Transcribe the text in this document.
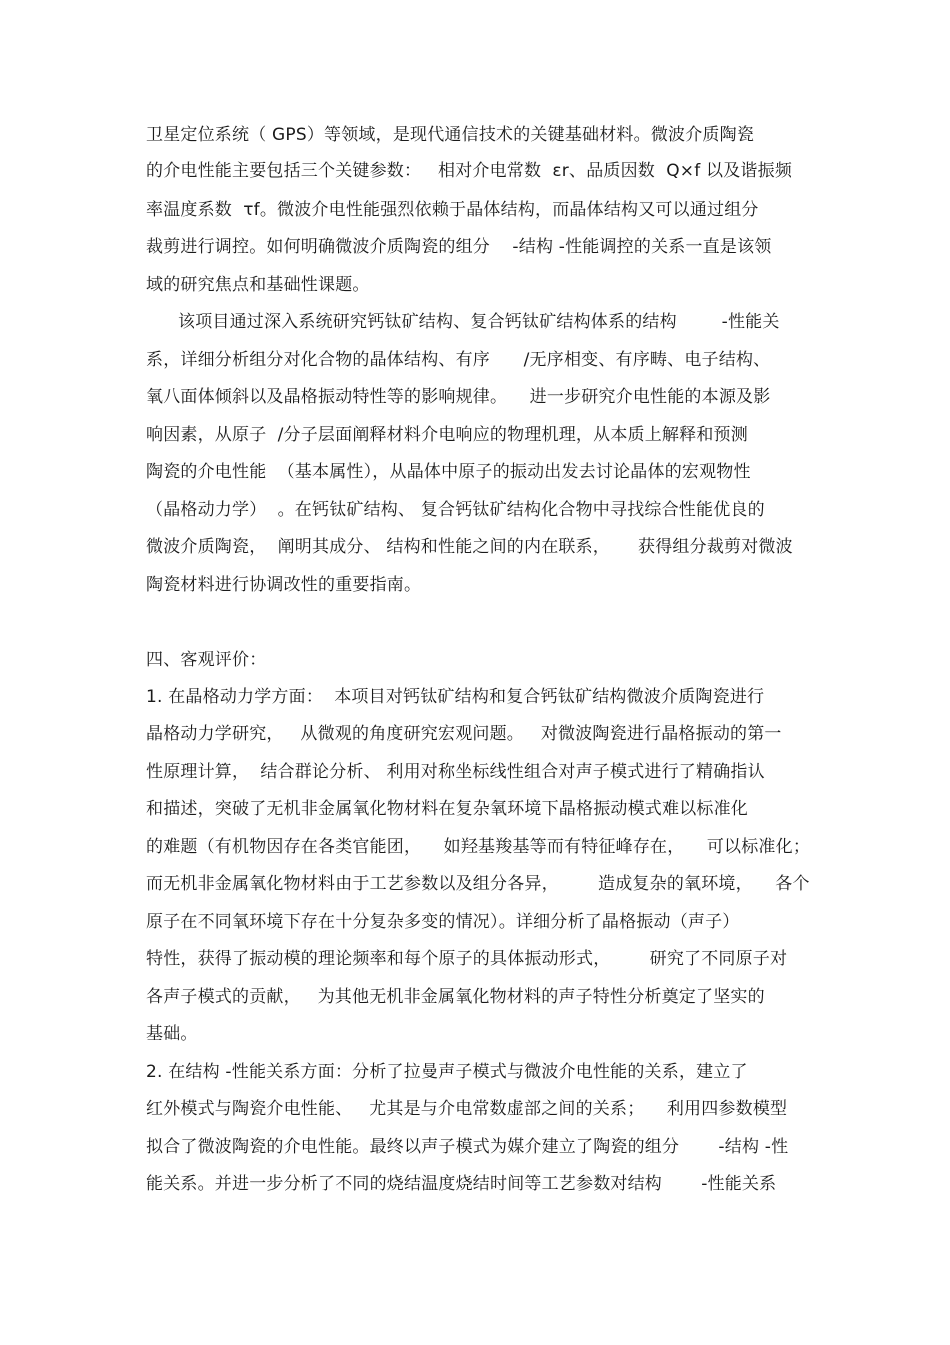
卫星定位系统（ GPS）等领域，是现代通信技术的关键基础材料。微波介质陶瓷
的介电性能主要包括三个关键参数：   相对介电常数  εr、品质因数  Q×f 以及谐振频
率温度系数  τf。微波介电性能强烈依赖于晶体结构，而晶体结构又可以通过组分
裁剪进行调控。如何明确微波介质陶瓷的组分    -结构 -性能调控的关系一直是该领
域的研究焦点和基础性课题。
该项目通过深入系统研究钙钛矿结构、复合钙钛矿结构体系的结构        -性能关
系，详细分析组分对化合物的晶体结构、有序      /无序相变、有序畴、电子结构、
氧八面体倾斜以及晶格振动特性等的影响规律。    进一步研究介电性能的本源及影
响因素，从原子  /分子层面阐释材料介电响应的物理机理，从本质上解释和预测
陶瓷的介电性能  （基本属性），从晶体中原子的振动出发去讨论晶体的宏观物性
（晶格动力学）  。在钙钛矿结构、 复合钙钛矿结构化合物中寻找综合性能优良的
微波介质陶瓷，  阐明其成分、 结构和性能之间的内在联系，     获得组分裁剪对微波
陶瓷材料进行协调改性的重要指南。
四、客观评价：
1. 在晶格动力学方面：  本项目对钙钛矿结构和复合钙钛矿结构微波介质陶瓷进行
晶格动力学研究，   从微观的角度研究宏观问题。   对微波陶瓷进行晶格振动的第一
性原理计算，  结合群论分析、 利用对称坐标线性组合对声子模式进行了精确指认
和描述，突破了无机非金属氧化物材料在复杂氧环境下晶格振动模式难以标准化
的难题（有机物因存在各类官能团，    如羟基羧基等而有特征峰存在，    可以标准化；
而无机非金属氧化物材料由于工艺参数以及组分各异，       造成复杂的氧环境，    各个
原子在不同氧环境下存在十分复杂多变的情况）。详细分析了晶格振动（声子）
特性，获得了振动模的理论频率和每个原子的具体振动形式，       研究了不同原子对
各声子模式的贡献，   为其他无机非金属氧化物材料的声子特性分析奠定了坚实的
基础。
2. 在结构 -性能关系方面：分析了拉曼声子模式与微波介电性能的关系，建立了
红外模式与陶瓷介电性能、   尤其是与介电常数虚部之间的关系；    利用四参数模型
拟合了微波陶瓷的介电性能。最终以声子模式为媒介建立了陶瓷的组分       -结构 -性
能关系。并进一步分析了不同的烧结温度烧结时间等工艺参数对结构       -性能关系
